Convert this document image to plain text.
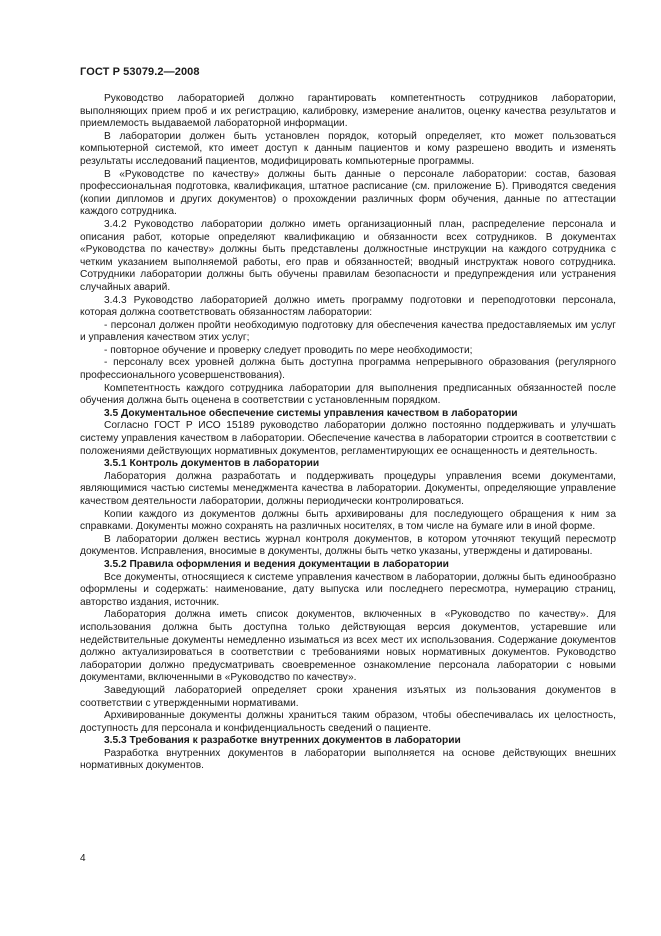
ГОСТ Р 53079.2—2008

Руководство лабораторией должно гарантировать компетентность сотрудников лаборатории, выполняющих прием проб и их регистрацию, калибровку, измерение аналитов, оценку качества результатов и приемлемость выдаваемой лабораторной информации.

В лаборатории должен быть установлен порядок, который определяет, кто может пользоваться компьютерной системой, кто имеет доступ к данным пациентов и кому разрешено вводить и изменять результаты исследований пациентов, модифицировать компьютерные программы.

В «Руководстве по качеству» должны быть данные о персонале лаборатории: состав, базовая профессиональная подготовка, квалификация, штатное расписание (см. приложение Б). Приводятся сведения (копии дипломов и других документов) о прохождении различных форм обучения, данные по аттестации каждого сотрудника.

3.4.2 Руководство лаборатории должно иметь организационный план, распределение персонала и описания работ, которые определяют квалификацию и обязанности всех сотрудников. В документах «Руководства по качеству» должны быть представлены должностные инструкции на каждого сотрудника с четким указанием выполняемой работы, его прав и обязанностей; вводный инструктаж нового сотрудника. Сотрудники лаборатории должны быть обучены правилам безопасности и предупреждения или устранения случайных аварий.

3.4.3 Руководство лабораторией должно иметь программу подготовки и переподготовки персонала, которая должна соответствовать обязанностям лаборатории:

- персонал должен пройти необходимую подготовку для обеспечения качества предоставляемых им услуг и управления качеством этих услуг;

- повторное обучение и проверку следует проводить по мере необходимости;

- персоналу всех уровней должна быть доступна программа непрерывного образования (регулярного профессионального усовершенствования).

Компетентность каждого сотрудника лаборатории для выполнения предписанных обязанностей после обучения должна быть оценена в соответствии с установленным порядком.

3.5 Документальное обеспечение системы управления качеством в лаборатории

Согласно ГОСТ Р ИСО 15189 руководство лаборатории должно постоянно поддерживать и улучшать систему управления качеством в лаборатории. Обеспечение качества в лаборатории строится в соответствии с положениями действующих нормативных документов, регламентирующих ее оснащенность и деятельность.

3.5.1 Контроль документов в лаборатории

Лаборатория должна разработать и поддерживать процедуры управления всеми документами, являющимися частью системы менеджмента качества в лаборатории. Документы, определяющие управление качеством деятельности лаборатории, должны периодически контролироваться.

Копии каждого из документов должны быть архивированы для последующего обращения к ним за справками. Документы можно сохранять на различных носителях, в том числе на бумаге или в иной форме.

В лаборатории должен вестись журнал контроля документов, в котором уточняют текущий пересмотр документов. Исправления, вносимые в документы, должны быть четко указаны, утверждены и датированы.

3.5.2 Правила оформления и ведения документации в лаборатории

Все документы, относящиеся к системе управления качеством в лаборатории, должны быть единообразно оформлены и содержать: наименование, дату выпуска или последнего пересмотра, нумерацию страниц, авторство издания, источник.

Лаборатория должна иметь список документов, включенных в «Руководство по качеству». Для использования должна быть доступна только действующая версия документов, устаревшие или недействительные документы немедленно изыматься из всех мест их использования. Содержание документов должно актуализироваться в соответствии с требованиями новых нормативных документов. Руководство лаборатории должно предусматривать своевременное ознакомление персонала лаборатории с новыми документами, включенными в «Руководство по качеству».

Заведующий лабораторией определяет сроки хранения изъятых из пользования документов в соответствии с утвержденными нормативами.

Архивированные документы должны храниться таким образом, чтобы обеспечивалась их целостность, доступность для персонала и конфиденциальность сведений о пациенте.

3.5.3 Требования к разработке внутренних документов в лаборатории

Разработка внутренних документов в лаборатории выполняется на основе действующих внешних нормативных документов.

4
